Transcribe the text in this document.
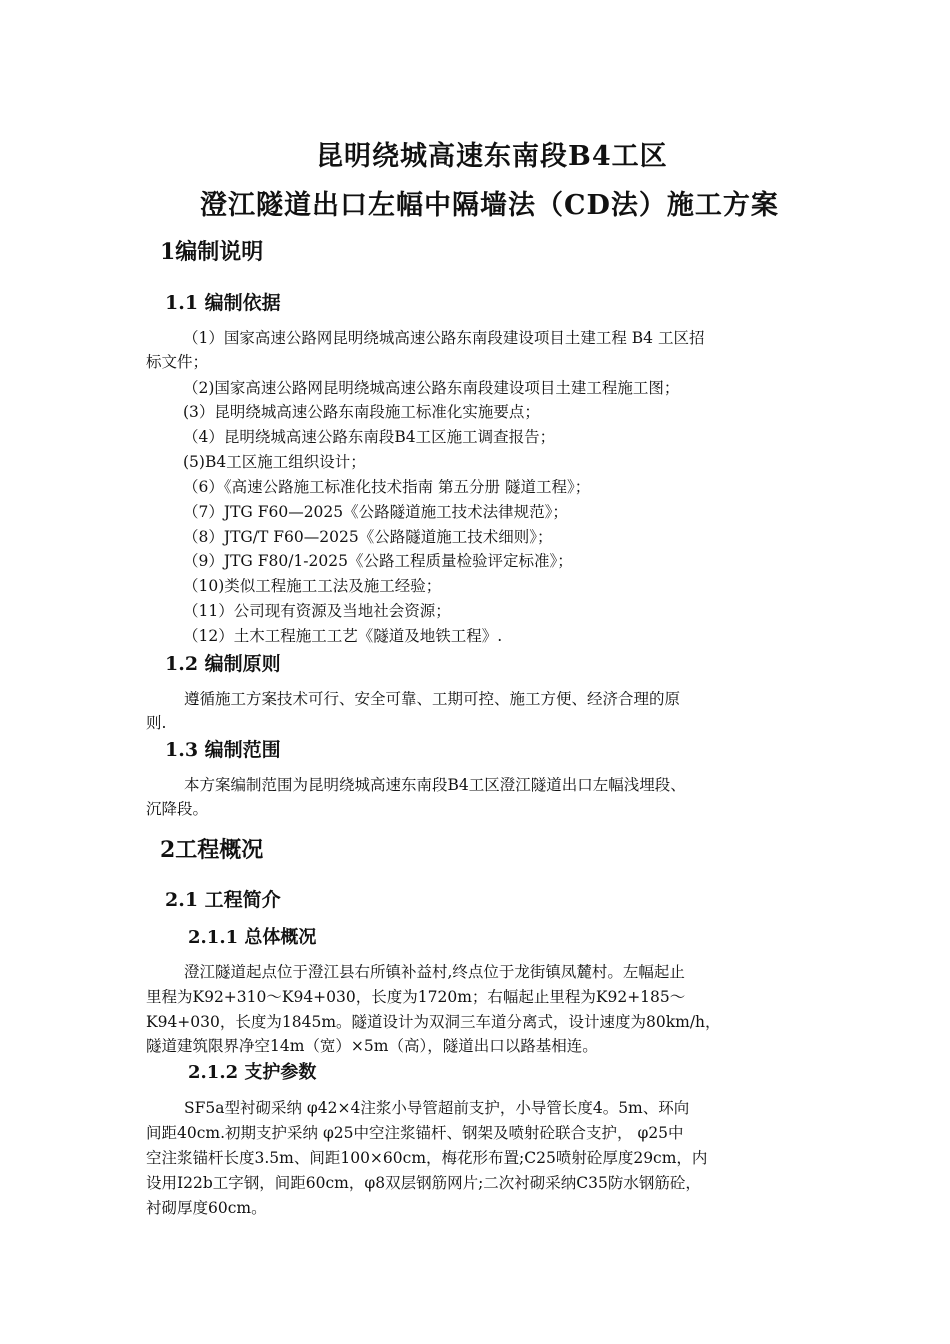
昆明绕城高速东南段B4工区
澄江隧道出口左幅中隔墙法（CD法）施工方案
1编制说明
1.1 编制依据
（1）国家高速公路网昆明绕城高速公路东南段建设项目土建工程 B4 工区招
标文件；
（2)国家高速公路网昆明绕城高速公路东南段建设项目土建工程施工图；
(3）昆明绕城高速公路东南段施工标准化实施要点；
（4）昆明绕城高速公路东南段B4工区施工调查报告；
(5)B4工区施工组织设计；
（6）《高速公路施工标准化技术指南 第五分册 隧道工程》；
（7）JTG F60—2025《公路隧道施工技术法律规范》；
（8）JTG/T F60—2025《公路隧道施工技术细则》；
（9）JTG F80/1-2025《公路工程质量检验评定标准》；
（10)类似工程施工工法及施工经验；
（11）公司现有资源及当地社会资源；
（12）土木工程施工工艺《隧道及地铁工程》.
1.2 编制原则
遵循施工方案技术可行、安全可靠、工期可控、施工方便、经济合理的原
则.
1.3 编制范围
本方案编制范围为昆明绕城高速东南段B4工区澄江隧道出口左幅浅埋段、
沉降段。
2工程概况
2.1 工程简介
2.1.1 总体概况
澄江隧道起点位于澄江县右所镇补益村,终点位于龙街镇凤麓村。左幅起止
里程为K92+310～K94+030，长度为1720m；右幅起止里程为K92+185～
K94+030，长度为1845m。隧道设计为双洞三车道分离式，设计速度为80km/h，
隧道建筑限界净空14m（宽）×5m（高），隧道出口以路基相连。
2.1.2 支护参数
SF5a型衬砌采纳 φ42×4注浆小导管超前支护，小导管长度4。5m、环向
间距40cm.初期支护采纳 φ25中空注浆锚杆、钢架及喷射砼联合支护， φ25中
空注浆锚杆长度3.5m、间距100×60cm，梅花形布置;C25喷射砼厚度29cm，内
设用I22b工字钢，间距60cm，φ8双层钢筋网片;二次衬砌采纳C35防水钢筋砼，
衬砌厚度60cm。
